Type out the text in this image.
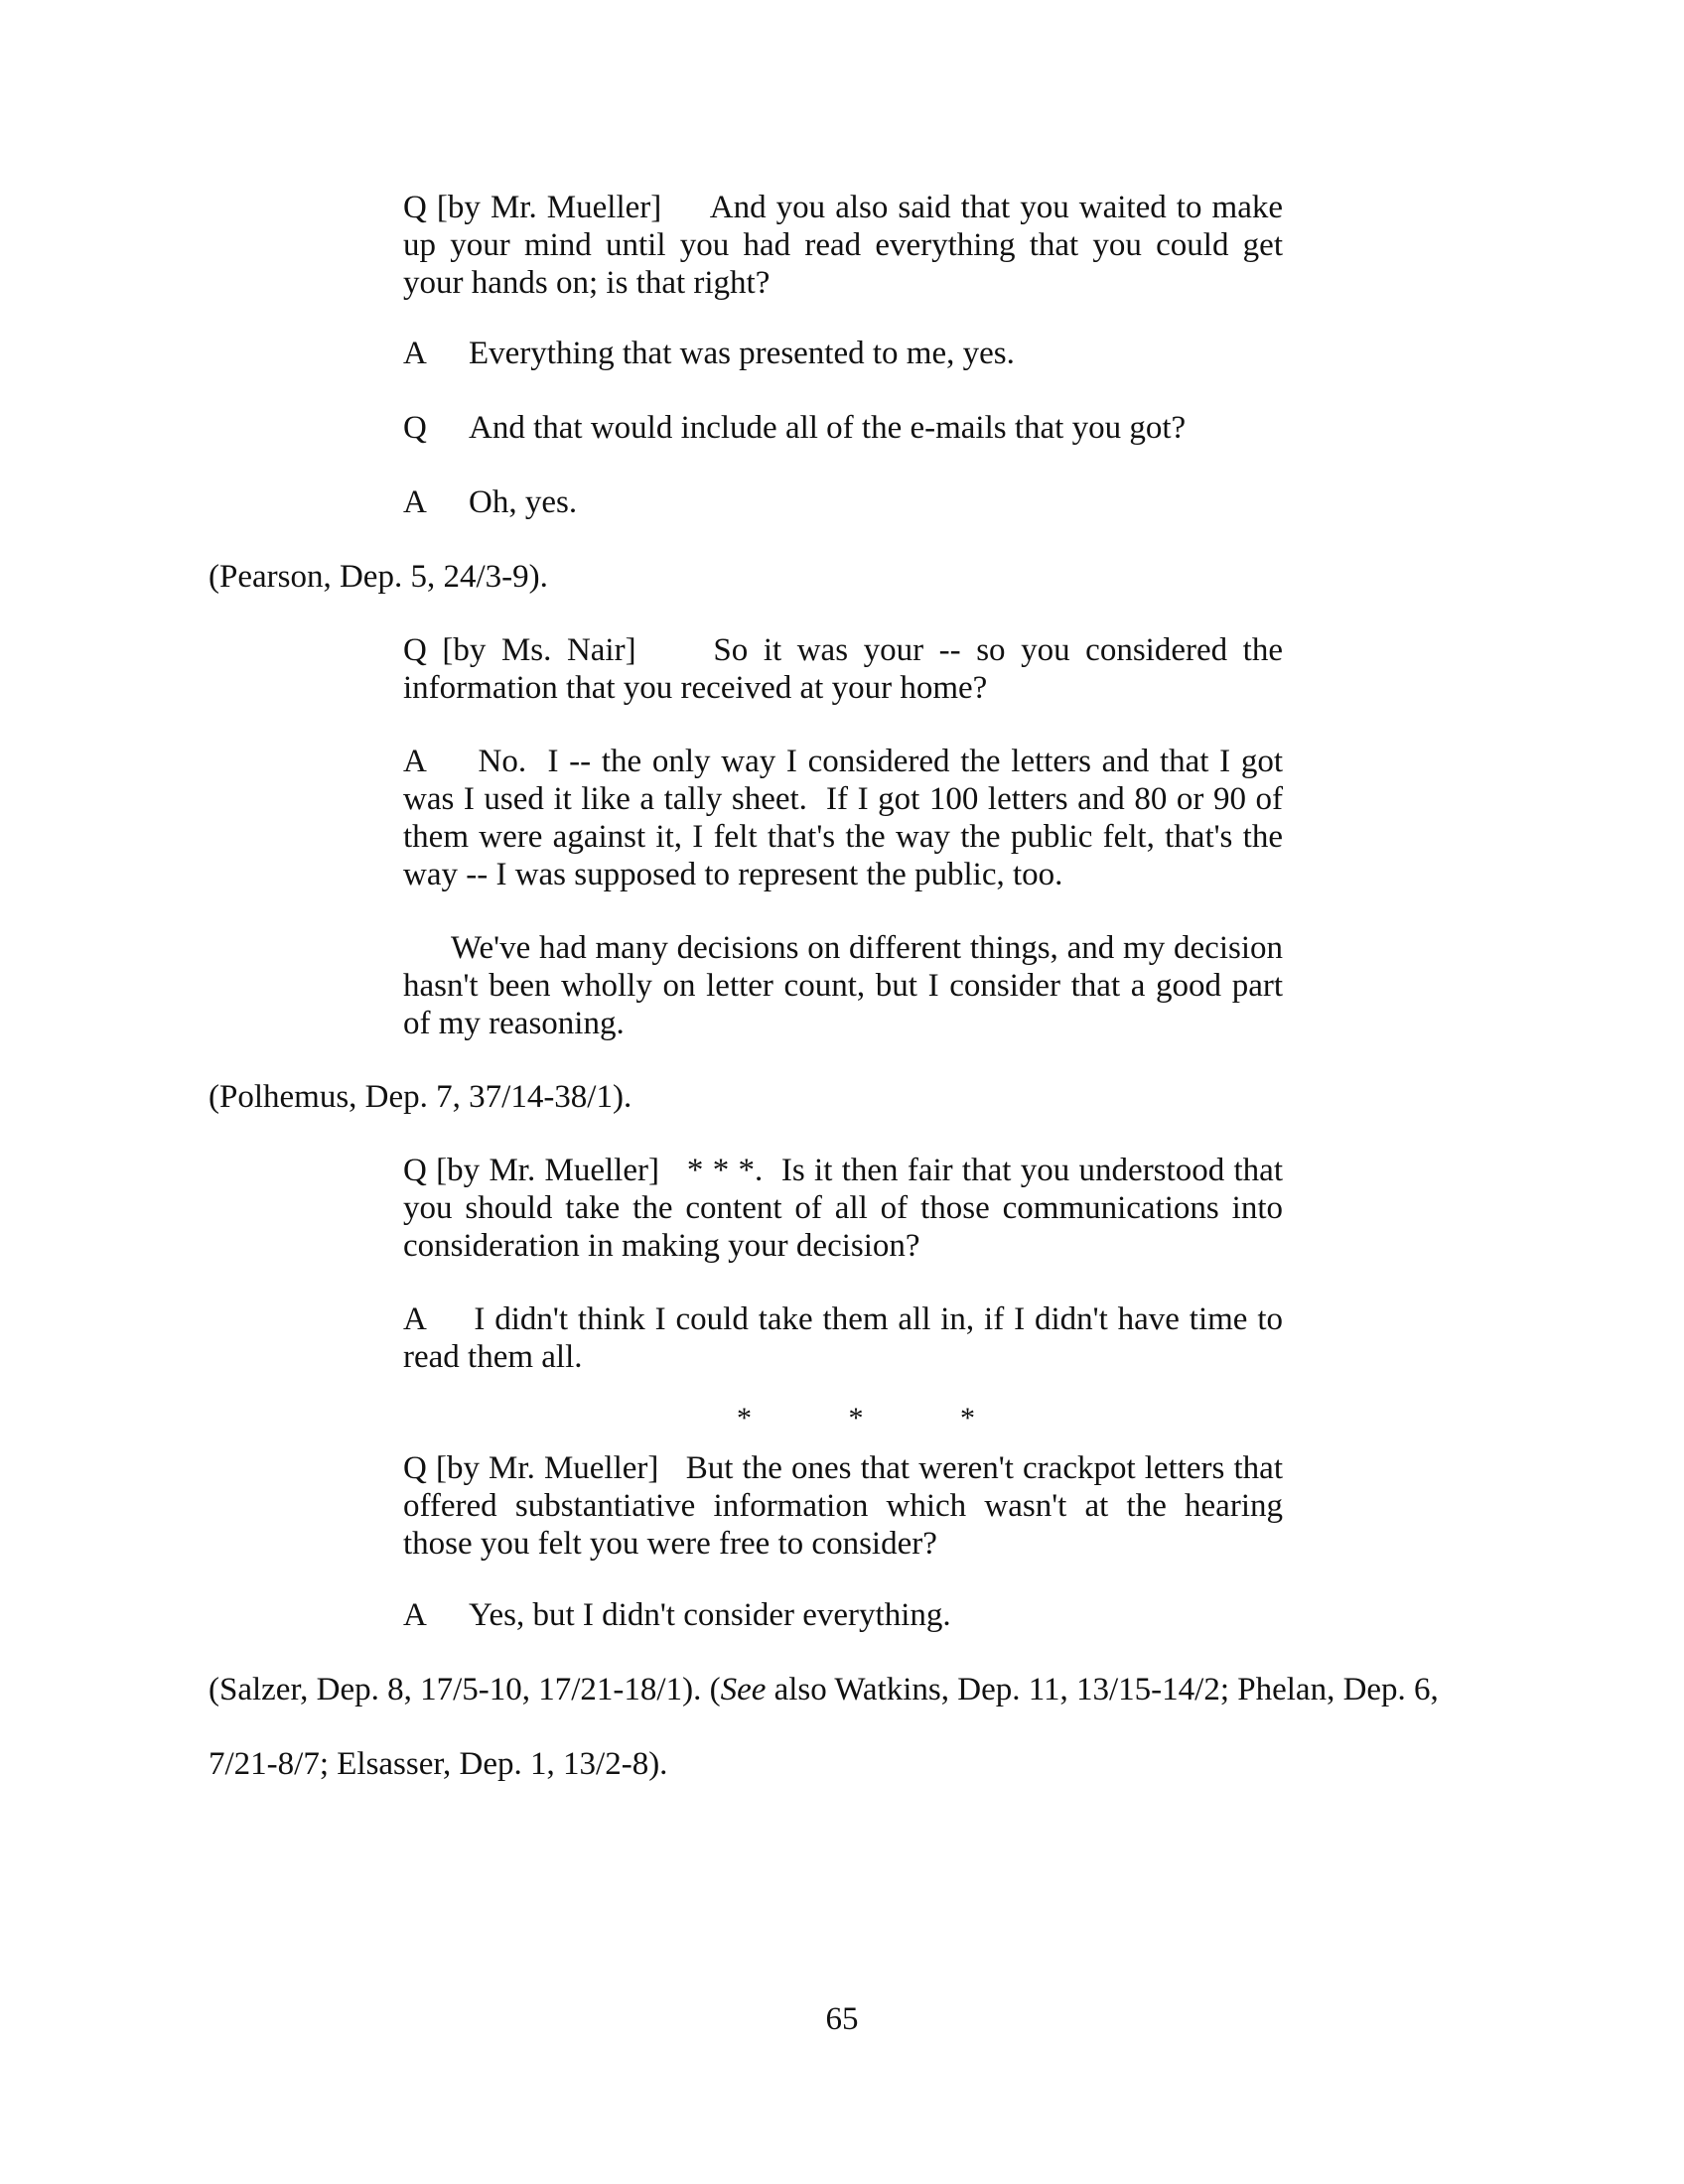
Q [by Mr. Mueller]     And you also said that you waited to make up your mind until you had read everything that you could get your hands on; is that right?

A Everything that was presented to me, yes.

Q And that would include all of the e-mails that you got?

A Oh, yes.

(Pearson, Dep. 5, 24/3-9).

Q [by Ms. Nair]     So it was your -- so you considered the information that you received at your home?

A     No.  I -- the only way I considered the letters and that I got was I used it like a tally sheet.  If I got 100 letters and 80 or 90 of them were against it, I felt that's the way the public felt, that's the way -- I was supposed to represent the public, too.

We've had many decisions on different things, and my decision hasn't been wholly on letter count, but I consider that a good part of my reasoning.

(Polhemus, Dep. 7, 37/14-38/1).

Q [by Mr. Mueller]   * * *.  Is it then fair that you understood that you should take the content of all of those communications into consideration in making your decision?

A     I didn't think I could take them all in, if I didn't have time to read them all.

*	*	*

Q [by Mr. Mueller]   But the ones that weren't crackpot letters that offered substantiative information which wasn't at the hearing those you felt you were free to consider?

A Yes, but I didn't consider everything.

(Salzer, Dep. 8, 17/5-10, 17/21-18/1). (See also Watkins, Dep. 11, 13/15-14/2; Phelan, Dep. 6,

7/21-8/7; Elsasser, Dep. 1, 13/2-8).

65
